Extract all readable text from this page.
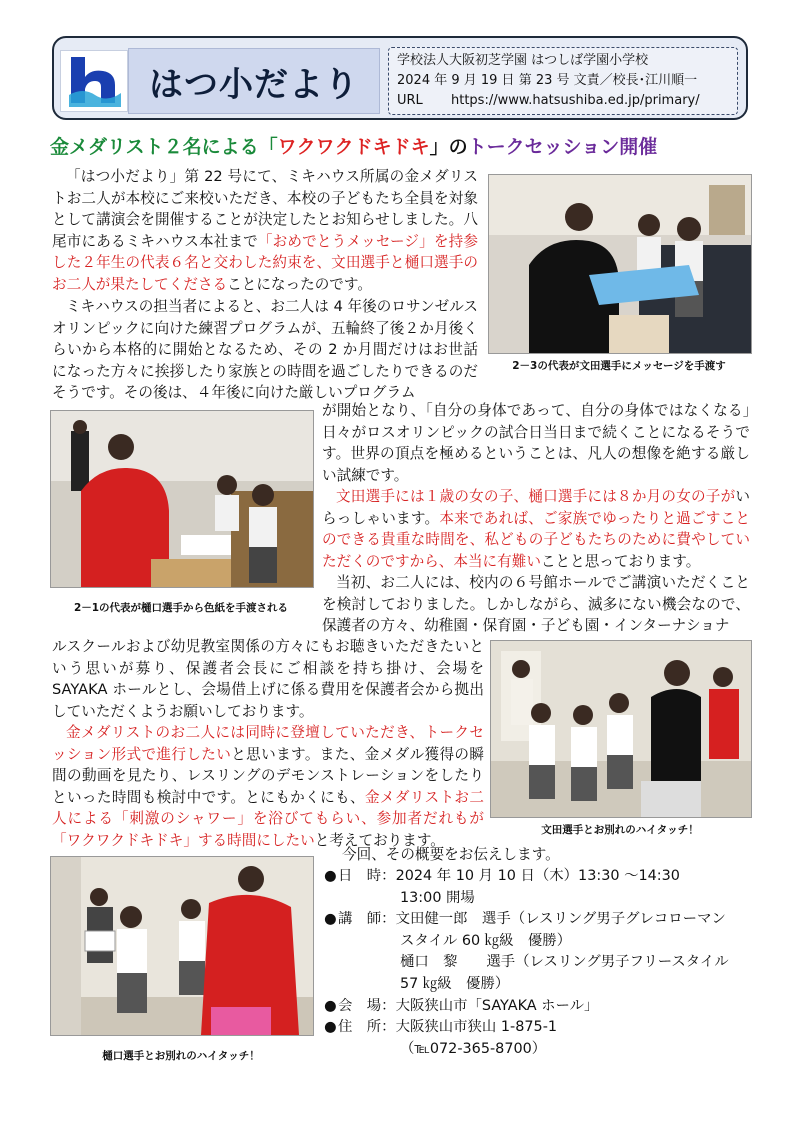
はつ小だより
学校法人大阪初芝学園 はつしば学園小学校
2024 年 9 月 19 日 第 23 号 文責／校長･江川順一
URL https://www.hatsushiba.ed.jp/primary/
金メダリスト２名による「ワクワクドキドキ」のトークセッション開催
「はつ小だより」第 22 号にて、ミキハウス所属の金メダリストお二人が本校にご来校いただき、本校の子どもたち全員を対象として講演会を開催することが決定したとお知らせしました。八尾市にあるミキハウス本社まで「おめでとうメッセージ」を持参した２年生の代表６名と交わした約束を、文田選手と樋口選手のお二人が果たしてくださることになったのです。
ミキハウスの担当者によると、お二人は 4 年後のロサンゼルスオリンピックに向けた練習プログラムが、五輪終了後２か月後くらいから本格的に開始となるため、その 2 か月間だけはお世話になった方々に挨拶したり家族との時間を過ごしたりできるのだそうです。その後は、４年後に向けた厳しいプログラム
2－3の代表が文田選手にメッセージを手渡す
2－1の代表が樋口選手から色紙を手渡される
が開始となり、「自分の身体であって、自分の身体ではなくなる」日々がロスオリンピックの試合日当日まで続くことになるそうです。世界の頂点を極めるということは、凡人の想像を絶する厳しい試練です。
文田選手には１歳の女の子、樋口選手には８か月の女の子がいらっしゃいます。本来であれば、ご家族でゆったりと過ごすことのできる貴重な時間を、私どもの子どもたちのために費やしていただくのですから、本当に有難いことと思っております。
当初、お二人には、校内の６号館ホールでご講演いただくことを検討しておりました。しかしながら、滅多にない機会なので、保護者の方々、幼稚園・保育園・子ども園・インターナショナ
ルスクールおよび幼児教室関係の方々にもお聴きいただきたいという思いが募り、保護者会長にご相談を持ち掛け、会場をSAYAKA ホールとし、会場借上げに係る費用を保護者会から拠出していただくようお願いしております。
金メダリストのお二人には同時に登壇していただき、トークセッション形式で進行したいと思います。また、金メダル獲得の瞬間の動画を見たり、レスリングのデモンストレーションをしたりといった時間も検討中です。とにもかくにも、金メダリストお二人による「刺激のシャワー」を浴びてもらい、参加者だれもが「ワクワクドキドキ」する時間にしたいと考えております。
文田選手とお別れのハイタッチ！
樋口選手とお別れのハイタッチ！
今回、その概要をお伝えします。
●日　時：2024 年 10 月 10 日（木）13:30 ～14:30
13:00 開場
●講　師：文田健一郎　選手（レスリング男子グレコローマン
スタイル 60 ㎏級　優勝）
樋口　黎　　選手（レスリング男子フリースタイル
57 ㎏級　優勝）
●会　場：大阪狭山市「SAYAKA ホール」
●住　所：大阪狭山市狭山 1-875-1
（℡072-365-8700）
